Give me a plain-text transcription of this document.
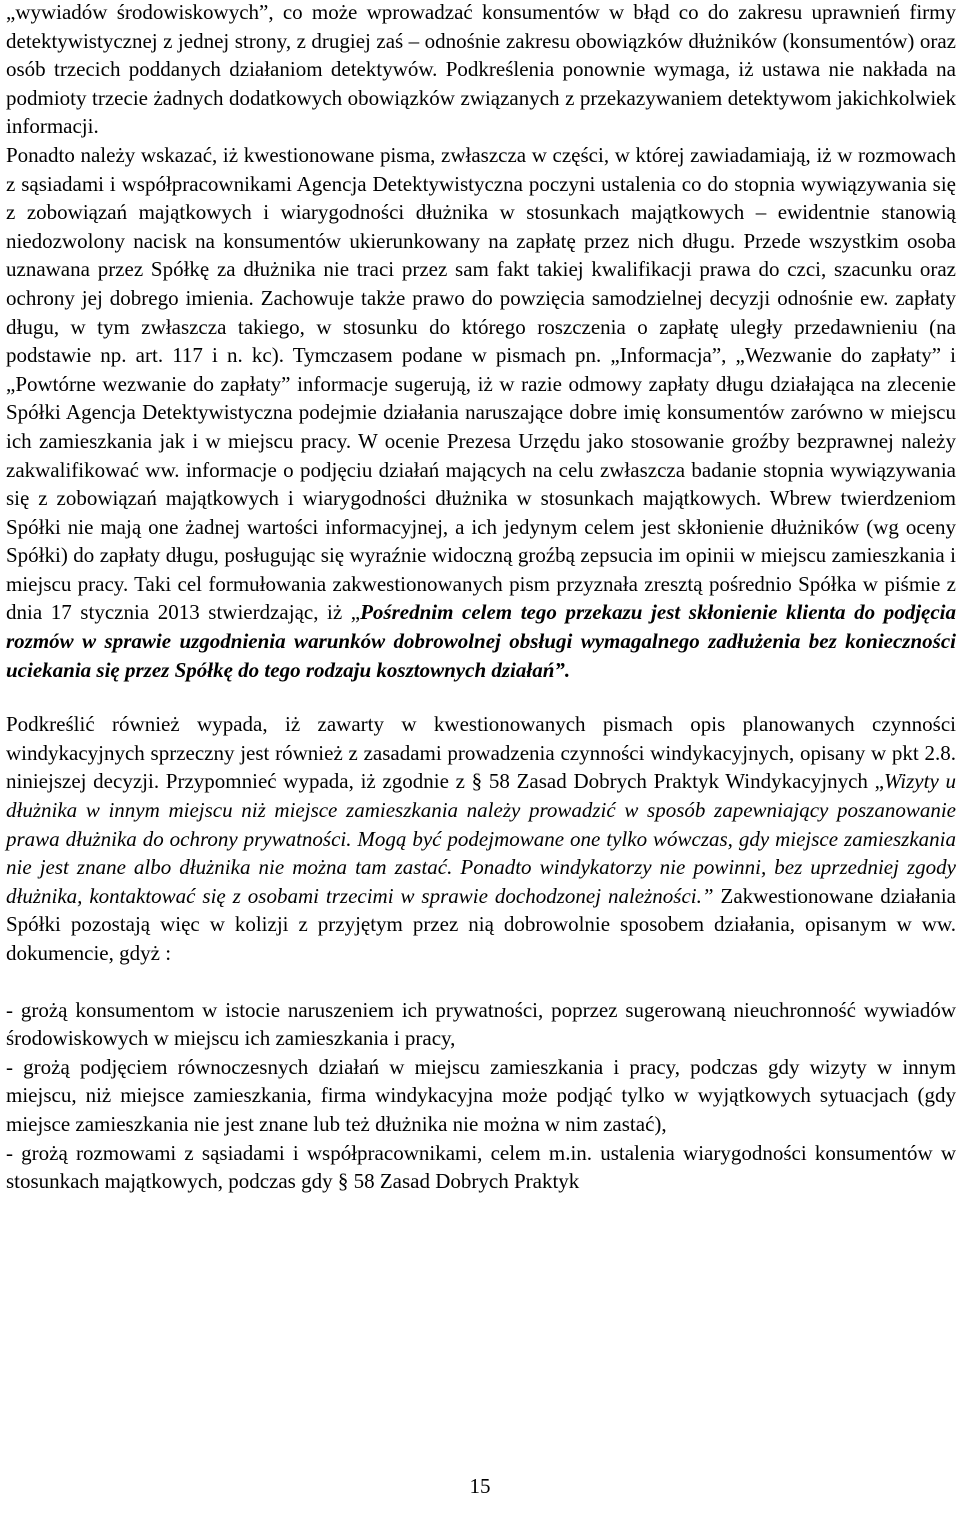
„wywiadów środowiskowych”, co może wprowadzać konsumentów w błąd co do zakresu uprawnień firmy detektywistycznej z jednej strony, z drugiej zaś – odnośnie zakresu obowiązków dłużników (konsumentów) oraz osób trzecich poddanych działaniom detektywów. Podkreślenia ponownie wymaga, iż ustawa nie nakłada na podmioty trzecie żadnych dodatkowych obowiązków związanych z przekazywaniem detektywom jakichkolwiek informacji.

Ponadto należy wskazać, iż kwestionowane pisma, zwłaszcza w części, w której zawiadamiają, iż w rozmowach z sąsiadami i współpracownikami Agencja Detektywistyczna poczyni ustalenia co do stopnia wywiązywania się z zobowiązań majątkowych i wiarygodności dłużnika w stosunkach majątkowych – ewidentnie stanowią niedozwolony nacisk na konsumentów ukierunkowany na zapłatę przez nich długu. Przede wszystkim osoba uznawana przez Spółkę za dłużnika nie traci przez sam fakt takiej kwalifikacji prawa do czci, szacunku oraz ochrony jej dobrego imienia. Zachowuje także prawo do powzięcia samodzielnej decyzji odnośnie ew. zapłaty długu, w tym zwłaszcza takiego, w stosunku do którego roszczenia o zapłatę uległy przedawnieniu (na podstawie np. art. 117 i n. kc). Tymczasem podane w pismach pn. „Informacja”, „Wezwanie do zapłaty” i „Powtórne wezwanie do zapłaty” informacje sugerują, iż w razie odmowy zapłaty długu działająca na zlecenie Spółki Agencja Detektywistyczna podejmie działania naruszające dobre imię konsumentów zarówno w miejscu ich zamieszkania jak i w miejscu pracy. W ocenie Prezesa Urzędu jako stosowanie groźby bezprawnej należy zakwalifikować ww. informacje o podjęciu działań mających na celu zwłaszcza badanie stopnia wywiązywania się z zobowiązań majątkowych i wiarygodności dłużnika w stosunkach majątkowych. Wbrew twierdzeniom Spółki nie mają one żadnej wartości informacyjnej, a ich jedynym celem jest skłonienie dłużników (wg oceny Spółki) do zapłaty długu, posługując się wyraźnie widoczną groźbą zepsucia im opinii w miejscu zamieszkania i miejscu pracy. Taki cel formułowania zakwestionowanych pism przyznała zresztą pośrednio Spółka w piśmie z dnia 17 stycznia 2013 stwierdzając, iż „Pośrednim celem tego przekazu jest skłonienie klienta do podjęcia rozmów w sprawie uzgodnienia warunków dobrowolnej obsługi wymagalnego zadłużenia bez konieczności uciekania się przez Spółkę do tego rodzaju kosztownych działań”.

Podkreślić również wypada, iż zawarty w kwestionowanych pismach opis planowanych czynności windykacyjnych sprzeczny jest również z zasadami prowadzenia czynności windykacyjnych, opisany w pkt 2.8. niniejszej decyzji. Przypomnieć wypada, iż zgodnie z § 58 Zasad Dobrych Praktyk Windykacyjnych „Wizyty u dłużnika w innym miejscu niż miejsce zamieszkania należy prowadzić w sposób zapewniający poszanowanie prawa dłużnika do ochrony prywatności. Mogą być podejmowane one tylko wówczas, gdy miejsce zamieszkania nie jest znane albo dłużnika nie można tam zastać. Ponadto windykatorzy nie powinni, bez uprzedniej zgody dłużnika, kontaktować się z osobami trzecimi w sprawie dochodzonej należności.” Zakwestionowane działania Spółki pozostają więc w kolizji z przyjętym przez nią dobrowolnie sposobem działania, opisanym w ww. dokumencie, gdyż :

- grożą konsumentom w istocie naruszeniem ich prywatności, poprzez sugerowaną nieuchronność wywiadów środowiskowych w miejscu ich zamieszkania i pracy,

- grożą podjęciem równoczesnych działań w miejscu zamieszkania i pracy, podczas gdy wizyty w innym miejscu, niż miejsce zamieszkania, firma windykacyjna może podjąć tylko w wyjątkowych sytuacjach (gdy miejsce zamieszkania nie jest znane lub też dłużnika nie można w nim zastać),

- grożą rozmowami z sąsiadami i współpracownikami, celem m.in. ustalenia wiarygodności konsumentów w stosunkach majątkowych, podczas gdy § 58 Zasad Dobrych Praktyk

15
